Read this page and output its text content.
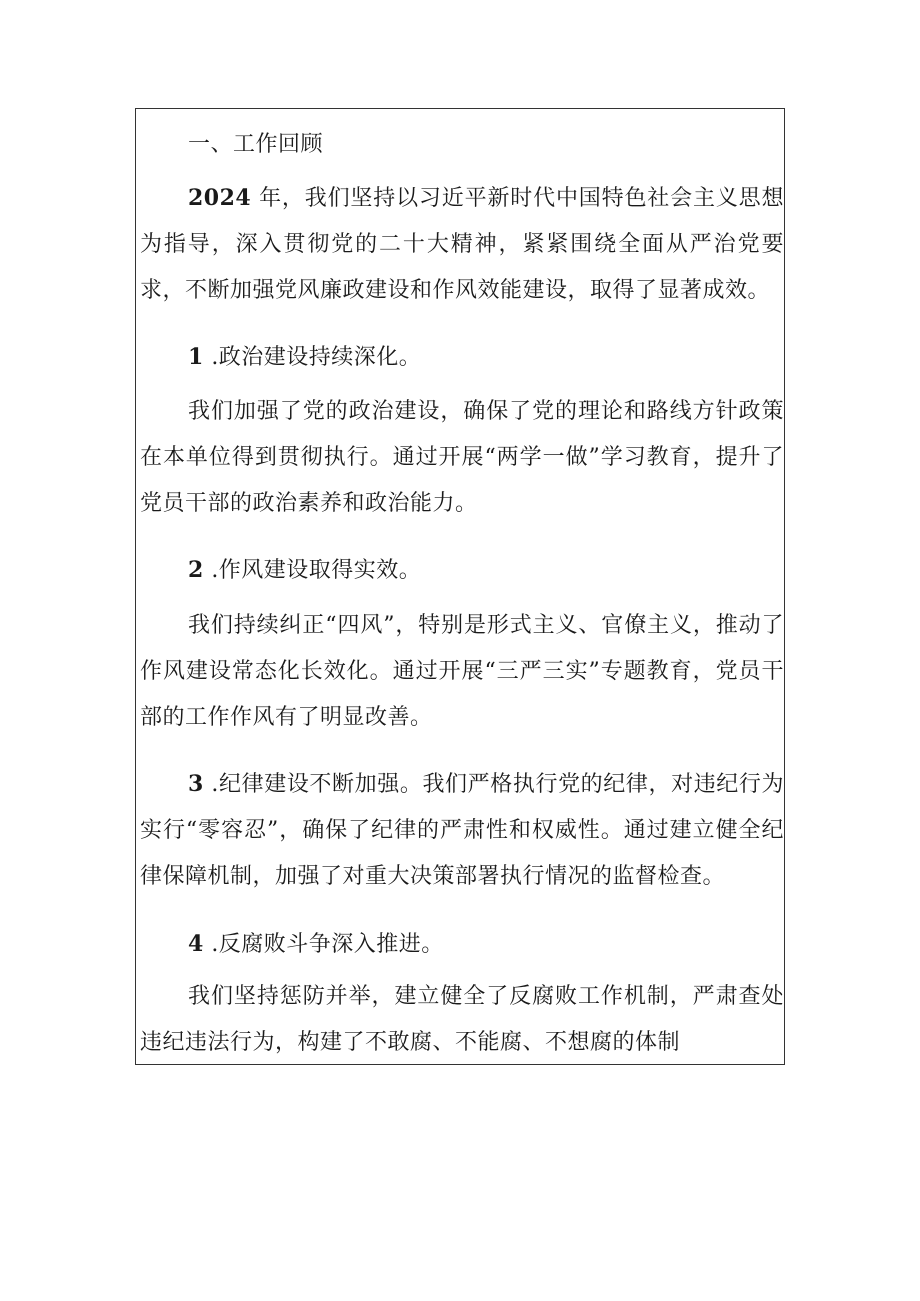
一、工作回顾

2024 年，我们坚持以习近平新时代中国特色社会主义思想为指导，深入贯彻党的二十大精神，紧紧围绕全面从严治党要求，不断加强党风廉政建设和作风效能建设，取得了显著成效。

1 .政治建设持续深化。

我们加强了党的政治建设，确保了党的理论和路线方针政策在本单位得到贯彻执行。通过开展“两学一做”学习教育，提升了党员干部的政治素养和政治能力。

2 .作风建设取得实效。

我们持续纠正“四风”，特别是形式主义、官僚主义，推动了作风建设常态化长效化。通过开展“三严三实”专题教育，党员干部的工作作风有了明显改善。

3 .纪律建设不断加强。我们严格执行党的纪律，对违纪行为实行“零容忍”，确保了纪律的严肃性和权威性。通过建立健全纪律保障机制，加强了对重大决策部署执行情况的监督检查。

4 .反腐败斗争深入推进。

我们坚持惩防并举，建立健全了反腐败工作机制，严肃查处违纪违法行为，构建了不敢腐、不能腐、不想腐的体制
